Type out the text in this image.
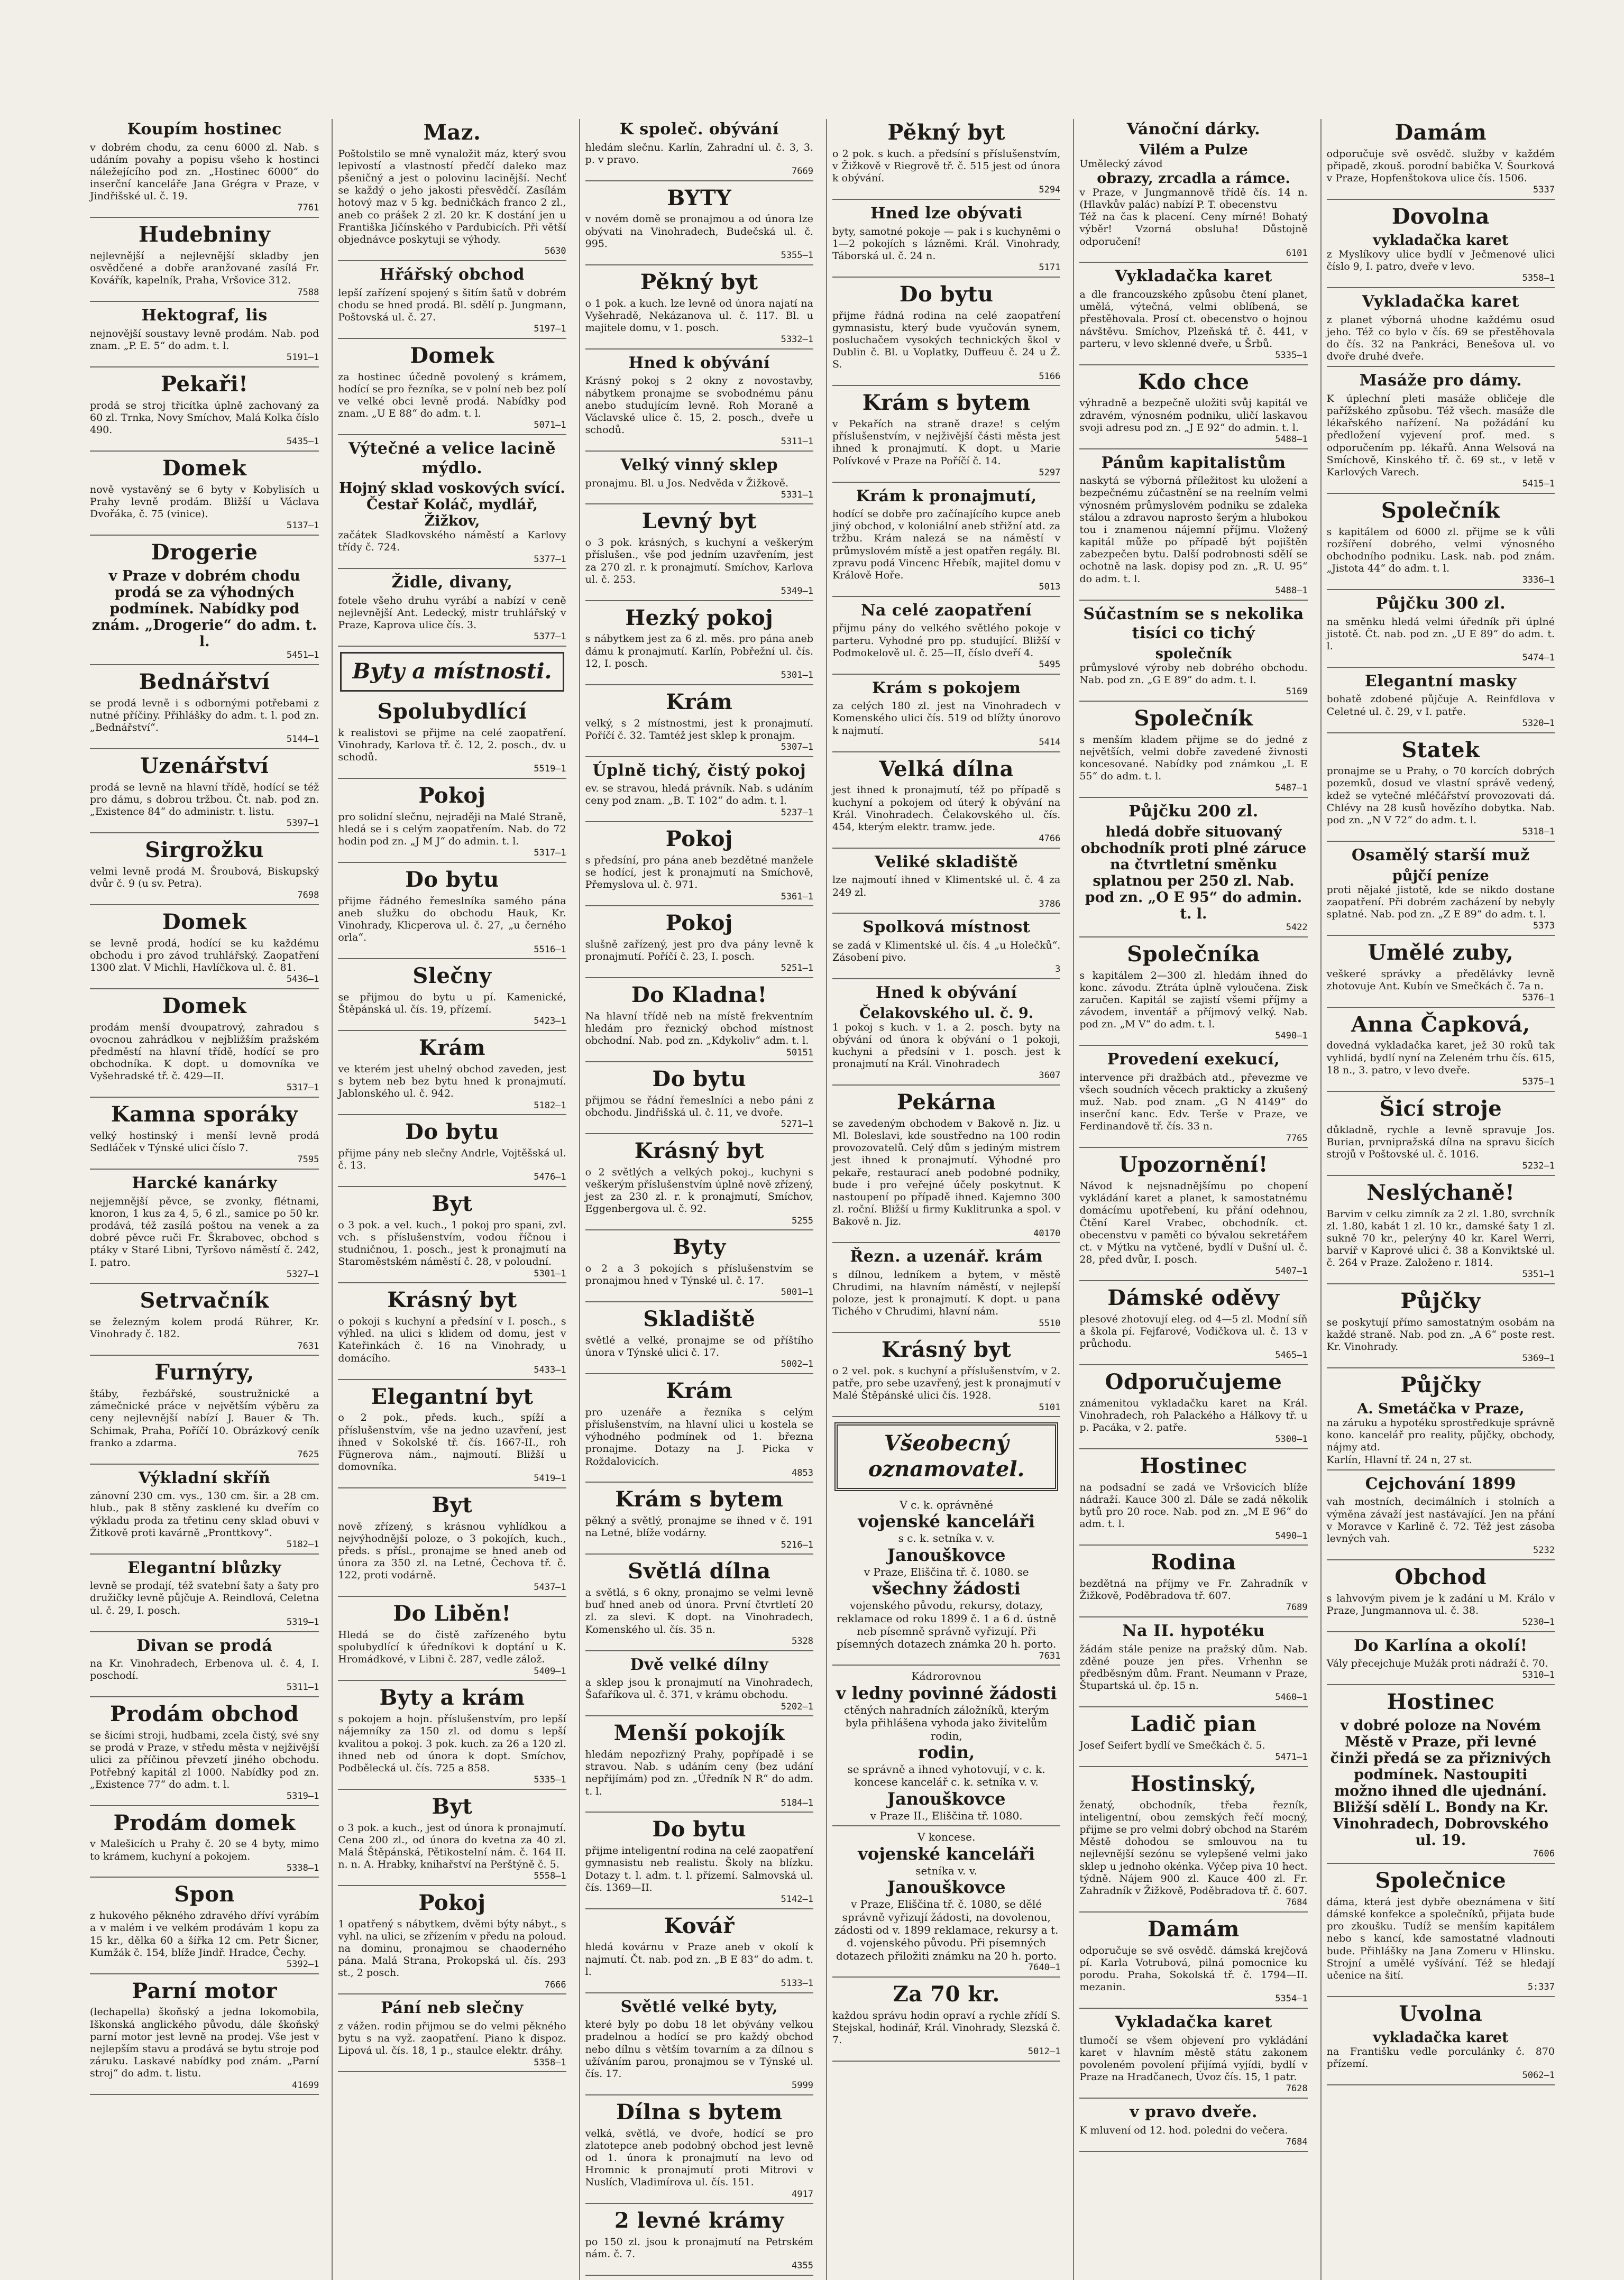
Koupím hostinec

v dobrém chodu, za cenu 6000 zl. Nab. s udáním povahy a popisu všeho k hostinci náležejícího pod zn. „Hostinec 6000“ do inserční kanceláře Jana Grégra v Praze, v Jindřišské ul. č. 19.

7761

Hudebniny

nejlevnější a nejlevnější skladby jen osvědčené a dobře aranžované zasílá Fr. Kovářík, kapelník, Praha, Vršovice 312.

7588

Hektograf, lis

nejnovější soustavy levně prodám. Nab. pod znam. „P. E. 5“ do adm. t. l.

5191—1

Pekaři!

prodá se stroj třicítka úplně zachovaný za 60 zl. Trnka, Novy Smíchov, Malá Kolka číslo 490.

5435—1

Domek

nově vystavěný se 6 byty v Kobylisích u Prahy levně prodám. Bližší u Václava Dvořáka, č. 75 (vinice).

5137—1

Drogerie

v Praze v dobrém chodu prodá se za výhodných podmínek. Nabídky pod znám. „Drogerie“ do adm. t. l.

5451—1

Bednářství

se prodá levně i s odbornými potřebami z nutné příčiny. Přihlášky do adm. t. l. pod zn. „Bednářství“.

5144—1

Uzenářství

prodá se levně na hlavní třídě, hodící se též pro dámu, s dobrou tržbou. Čt. nab. pod zn. „Existence 84“ do administr. t. listu.

5397—1

Sirgrožku

velmi levně prodá M. Šroubová, Biskupský dvůr č. 9 (u sv. Petra).

7698

Domek

se levně prodá, hodící se ku každému obchodu i pro závod truhlářský. Zaopatření 1300 zlat. V Michli, Havlíčkova ul. č. 81.

5436—1

Domek

prodám menší dvoupatrový, zahradou s ovocnou zahrádkou v nejbližším pražském předměstí na hlavní třídě, hodící se pro obchodníka. K dopt. u domovníka ve Vyšehradské tř. č. 429—II.

5317—1

Kamna sporáky

velký hostinský i menší levně prodá Sedláček v Týnské ulici číslo 7.

7595

Harcké kanárky

nejjemnější pěvce, se zvonky, flétnami, knoron, 1 kus za 4, 5, 6 zl., samice po 50 kr. prodává, též zasílá poštou na venek a za dobré pěvce ruči Fr. Škrabovec, obchod s ptáky v Staré Libni, Tyršovo náměstí č. 242, I. patro.

5327—1

Setrvačník

se železným kolem prodá Rührer, Kr. Vinohrady č. 182.

7631

Furnýry,

štáby, řezbářské, soustružnické a zámečnické práce v největším výběru za ceny nejlevnější nabízí J. Bauer & Th. Schimak, Praha, Poříčí 10. Obrázkový ceník franko a zdarma.

7625

Výkladní skříň

zánovní 230 cm. vys., 130 cm. šir. a 28 cm. hlub., pak 8 stěny zasklené ku dveřím co výkladu proda za třetinu ceny sklad obuvi v Žitkově proti kavárně „Pronttkovy“.

5182—1

Elegantní blůzky

levně se prodají, též svatební šaty a šaty pro družičky levně půjčuje A. Reindlová, Celetna ul. č. 29, I. posch.

5319—1

Divan se prodá

na Kr. Vinohradech, Erbenova ul. č. 4, I. poschodí.

5311—1

Prodám obchod

se šicími stroji, hudbami, zcela čistý, své sny se prodá v Praze, v středu města v nejživější ulici za příčinou převzetí jiného obchodu. Potřebný kapitál zl 1000. Nabídky pod zn. „Existence 77“ do adm. t. l.

5319—1

Prodám domek

v Malešicích u Prahy č. 20 se 4 byty, mimo to krámem, kuchyní a pokojem.

5338—1

Spon

z hukového pěkného zdravého dříví vyrábím a v malém i ve velkém prodávám 1 kopu za 15 kr., dělka 60 a šířka 12 cm. Petr Šicner, Kumžák č. 154, blíže Jindř. Hradce, Čechy.

5392—1

Parní motor

(lechapella) škoňský a jedna lokomobila, Iškonská anglického původu, dále škoňský parní motor jest levně na prodej. Vše jest v nejlepším stavu a prodává se bytu stroje pod záruku. Laskavé nabídky pod znám. „Parní stroj“ do adm. t. listu.

41699

Maz.

Poštolstilo se mně vynaložit máz, který svou lepivostí a vlastností předčí daleko maz pšeničný a jest o polovinu lacinější. Nechť se každý o jeho jakosti přesvědčí. Zasílám hotový maz v 5 kg. bedničkách franco 2 zl., aneb co prášek 2 zl. 20 kr. K dostání jen u Františka Jičínského v Pardubicích. Při větší objednávce poskytuji se výhody.

5630

Hřářský obchod

lepší zařízení spojený s šitím šatů v dobrém chodu se hned prodá. Bl. sdělí p. Jungmann, Poštovská ul. č. 27.

5197—1

Domek

za hostinec účedně povolený s krámem, hodící se pro řezníka, se v polní neb bez polí ve velké obci levně prodá. Nabídky pod znam. „U E 88“ do adm. t. l.

5071—1

Výtečné a velice lacině mýdlo.

Hojný sklad voskových svící. Čestař Koláč, mydlář, Žižkov,

začátek Sladkovského náměstí a Karlovy třídy č. 724.

5377—1

Židle, divany,

fotele všeho druhu vyrábí a nabízí v ceně nejlevnější Ant. Ledecký, mistr truhlářský v Praze, Kaprova ulice čís. 3.

5377—1

Byty a místnosti.
Spolubydlící

k realistovi se přijme na celé zaopatření. Vinohrady, Karlova tř. č. 12, 2. posch., dv. u schodů.

5519—1

Pokoj

pro solidní slečnu, nejraději na Malé Straně, hledá se i s celým zaopatřením. Nab. do 72 hodin pod zn. „J M J“ do admin. t. l.

5317—1

Do bytu

přijme řádného řemeslníka samého pána aneb služku do obchodu Hauk, Kr. Vinohrady, Klicperova ul. č. 27, „u černého orla“.

5516—1

Slečny

se přijmou do bytu u pí. Kamenické, Štěpánská ul. čís. 19, přízemí.

5423—1

Krám

ve kterém jest uhelný obchod zaveden, jest s bytem neb bez bytu hned k pronajmutí. Jablonského ul. č. 942.

5182—1

Do bytu

přijme pány neb slečny Andrle, Vojtěšská ul. č. 13.

5476—1

Byt

o 3 pok. a vel. kuch., 1 pokoj pro spani, zvl. vch. s příslušenstvím, vodou říčnou i studničnou, 1. posch., jest k pronajmutí na Staroměstském náměstí č. 28, v poloudní.

5301—1

Krásný byt

o pokoji s kuchyní a předsíní v I. posch., s výhled. na ulici s klidem od domu, jest v Kateřinkách č. 16 na Vinohrady, u domácího.

5433—1

Elegantní byt

o 2 pok., předs. kuch., spíží a příslušenstvím, vše na jedno uzavření, jest ihned v Sokolské tř. čís. 1667-II., roh Fügnerova nám., najmoutí. Bližší u domovníka.

5419—1

Byt

nově zřízený, s krásnou vyhlídkou a nejvýhodnější poloze, o 3 pokojích, kuch., předs. s přísl., pronajme se hned aneb od února za 350 zl. na Letné, Čechova tř. č. 122, proti vodárně.

5437—1

Do Liběn!

Hledá se do čistě zařízeného bytu spolubydlící k úředníkovi k doptání u K. Hromádkové, v Libni č. 287, vedle zálož.

5409—1

Byty a krám

s pokojem a hojn. příslušenstvím, pro lepší nájemníky za 150 zl. od domu s lepší kvalitou a pokoj. 3 pok. kuch. za 26 a 120 zl. ihned neb od února k dopt. Smíchov, Podbělecká ul. čís. 725 a 858.

5335—1

Byt

o 3 pok. a kuch., jest od února k pronajmutí. Cena 200 zl., od února do kvetna za 40 zl. Malá Štěpánská, Pětikostelní nám. č. 164 II. n. n. A. Hrabky, knihařství na Perštýně č. 5.

5558—1

Pokoj

1 opatřený s nábytkem, dvěmi býty nábyt., s vyhl. na ulici, se zřízením v předu na poloud. na dominu, pronajmou se chaoderného pána. Malá Strana, Prokopská ul. čís. 293 st., 2 posch.

7666

Pání neb slečny

z vážen. rodin přijmou se do velmi pěkného bytu s na vyž. zaopatření. Piano k dispoz. Lipová ul. čís. 18, 1 p., staulce elektr. dráhy.

5358—1

K společ. obývání

hledám slečnu. Karlín, Zahradní ul. č. 3, 3. p. v pravo.

7669

BYTY

v novém domě se pronajmou a od února lze obývati na Vinohradech, Budečská ul. č. 995.

5355—1

Pěkný byt

o 1 pok. a kuch. lze levně od února najatí na Vyšehradě, Nekázanova ul. č. 117. Bl. u majitele domu, v 1. posch.

5332—1

Hned k obývání

Krásný pokoj s 2 okny z novostavby, nábytkem pronajme se svobodnému pánu anebo studujícím levně. Roh Moraně a Václavské ulice č. 15, 2. posch., dveře u schodů.

5311—1

Velký vinný sklep

pronajmu. Bl. u Jos. Nedvěda v Žižkově.

5331—1

Levný byt

o 3 pok. krásných, s kuchyní a veškerým příslušen., vše pod jedním uzavřením, jest za 270 zl. r. k pronajmutí. Smíchov, Karlova ul. č. 253.

5349—1

Hezký pokoj

s nábytkem jest za 6 zl. měs. pro pána aneb dámu k pronajmutí. Karlín, Pobřežní ul. čís. 12, I. posch.

5301—1

Krám

velký, s 2 místnostmi, jest k pronajmutí. Poříčí č. 32. Tamtéž jest sklep k pronajm.

5307—1

Úplně tichý, čistý pokoj

ev. se stravou, hledá právník. Nab. s udáním ceny pod znam. „B. T. 102“ do adm. t. l.

5237—1

Pokoj

s předsíní, pro pána aneb bezdětné manžele se hodící, jest k pronajmutí na Smíchově, Přemyslova ul. č. 971.

5361—1

Pokoj

slušně zařízený, jest pro dva pány levně k pronajmutí. Poříčí č. 23, I. posch.

5251—1

Do Kladna!

Na hlavní třídě neb na místě frekventním hledám pro řeznický obchod místnost obchodní. Nab. pod zn. „Kdykoliv“ adm. t. l.

50151

Do bytu

přijmou se řádní řemeslníci a nebo páni z obchodu. Jindřišská ul. č. 11, ve dvoře.

5271—1

Krásný byt

o 2 světlých a velkých pokoj., kuchyni s veškerým příslušenstvím úplně nově zřízený, jest za 230 zl. r. k pronajmutí, Smíchov, Eggenbergova ul. č. 92.

5255

Byty

o 2 a 3 pokojích s příslušenstvím se pronajmou hned v Týnské ul. č. 17.

5001—1

Skladiště

světlé a velké, pronajme se od příštího února v Týnské ulici č. 17.

5002—1

Krám

pro uzenáře a řezníka s celým příslušenstvím, na hlavní ulici u kostela se výhodného podmínek od 1. března pronajme. Dotazy na J. Picka v Roždalovicích.

4853

Krám s bytem

pěkný a světlý, pronajme se ihned v č. 191 na Letné, blíže vodárny.

5216—1

Světlá dílna

a světlá, s 6 okny, pronajmo se velmi levně buď hned aneb od února. První čtvrtletí 20 zl. za slevi. K dopt. na Vinohradech, Komenského ul. čís. 35 n.

5328

Dvě velké dílny

a sklep jsou k pronajmutí na Vinohradech, Šafaříkova ul. č. 371, v krámu obchodu.

5202—1

Menší pokojík

hledám nepozřizný Prahy, popřípadě i se stravou. Nab. s udáním ceny (bez udání nepřijímám) pod zn. „Úředník N R“ do adm. t. l.

5184—1

Do bytu

přijme inteligentní rodina na celé zaopatření gymnasistu neb realistu. Školy na blízku. Dotazy t. l. adm. t. l. přízemí. Salmovská ul. čís. 1369—II.

5142—1

Kovář

hledá kovárnu v Praze aneb v okolí k najmutí. Čt. nab. pod zn. „B E 83“ do adm. t. l.

5133—1

Světlé velké byty,

které byly po dobu 18 let obývány velkou pradelnou a hodící se pro každý obchod nebo dílnu s větším tovarním a za dílnou s užíváním parou, pronajmou se v Týnské ul. čís. 17.

5999

Dílna s bytem

velká, světlá, ve dvoře, hodící se pro zlatotepce aneb podobný obchod jest levně od 1. února k pronajmutí na levo od Hromnic k pronajmutí proti Mitrovi v Nuslích, Vladimírova ul. čís. 151.

4917

2 levné krámy

po 150 zl. jsou k pronajmutí na Petrském nám. č. 7.

4355

Pěkný byt

o 2 pok. s kuch. a předsíní s příslušenstvím, v Žižkově v Riegrově tř. č. 515 jest od února k obývání.

5294

Hned lze obývati

byty, samotné pokoje — pak i s kuchyněmi o 1—2 pokojích s lázněmi. Král. Vinohrady, Táborská ul. č. 24 n.

5171

Do bytu

přijme řádná rodina na celé zaopatření gymnasistu, který bude vyučován synem, posluchačem vysokých technických škol v Dublin č. Bl. u Voplatky, Duffeuu č. 24 u Ž. S.

5166

Krám s bytem

v Pekařích na straně draze! s celým příslušenstvím, v nejživější části města jest ihned k pronajmutí. K dopt. u Marie Polívkové v Praze na Poříčí č. 14.

5297

Krám k pronajmutí,

hodící se dobře pro začínajícího kupce aneb jiný obchod, v koloniální aneb střižní atd. za tržbu. Krám nalezá se na náměstí v průmyslovém místě a jest opatřen regály. Bl. zpravu podá Vincenc Hřebík, majitel domu v Králově Hoře.

5013

Na celé zaopatření

přijmu pány do velkého světlého pokoje v parteru. Vyhodné pro pp. studující. Bližší v Podmokelově ul. č. 25—II, číslo dveří 4.

5495

Krám s pokojem

za celých 180 zl. jest na Vinohradech v Komenského ulici čís. 519 od blížty únorovo k najmutí.

5414

Velká dílna

jest ihned k pronajmutí, též po případě s kuchyní a pokojem od úterý k obývání na Král. Vinohradech. Čelakovského ul. čís. 454, kterým elektr. tramw. jede.

4766

Veliké skladiště

lze najmoutí ihned v Klimentské ul. č. 4 za 249 zl.

3786

Spolková místnost

se zadá v Klimentské ul. čís. 4 „u Holečků“. Zásobení pivo.

3

Hned k obývání

Čelakovského ul. č. 9.

1 pokoj s kuch. v 1. a 2. posch. byty na obývání od února k obývání o 1 pokoji, kuchyni a předsíni v 1. posch. jest k pronajmutí na Král. Vinohradech

3607

Pekárna

se zavedeným obchodem v Bakově n. Jiz. u Ml. Boleslavi, kde soustředno na 100 rodin provozovatelů. Celý dům s jediným mistrem jest ihned k pronajmutí. Výhodné pro pekaře, restaurací aneb podobné podniky, bude i pro veřejné účely poskytnut. K nastoupení po případě ihned. Kajemno 300 zl. roční. Bližší u firmy Kuklitrunka a spol. v Bakově n. Jiz.

40170

Řezn. a uzenář. krám

s dílnou, ledníkem a bytem, v městě Chrudimi, na hlavním náměstí, v nejlepší poloze, jest k pronajmutí. K dopt. u pana Tichého v Chrudimi, hlavní nám.

5510

Krásný byt

o 2 vel. pok. s kuchyní a příslušenstvím, v 2. patře, pro sebe uzavřený, jest k pronajmutí v Malé Štěpánské ulici čís. 1928.

5101

Všeobecný oznamovatel.
V c. k. oprávněné
vojenské kanceláři
s c. k. setníka v. v.
Janouškovce
v Praze, Eliščina tř. č. 1080. se
všechny žádosti
vojenského původu, rekursy, dotazy, reklamace od roku 1899 č. 1 a 6 d. ústně neb písemně správně vyřizují. Při písemných dotazech známka 20 h. porto.

7631

Kádrorovnou
v ledny povinné žádosti
ctěných nahradních záložníků, kterým byla přihlášena vyhoda jako živitelům rodin,
rodin,
se správně a ihned vyhotovují, v c. k. koncese kancelář c. k. setníka v. v.
Janouškovce
v Praze II., Eliščina tř. 1080.
V koncese.
vojenské kanceláři
setníka v. v.
Janouškovce
v Praze, Eliščina tř. č. 1080, se dělé správně vyřizují žádosti, na dovolenou, zádosti od v. 1899 reklamace, rekursy a t. d. vojenského původu. Při písemných dotazech přiložiti známku na 20 h. porto.

7640—1

Za 70 kr.

každou správu hodin opraví a rychle zřídí S. Stejskal, hodinář, Král. Vinohrady, Slezská č. 7.

5012—1

Vánoční dárky.

Vilém a Pulze

Umělecký závod

obrazy, zrcadla a rámce.

v Praze, v Jungmannově třídě čís. 14 n. (Hlavkův palác) nabízí P. T. obecenstvu

Též na čas k placení. Ceny mírné! Bohatý výběr! Vzorná obsluha! Důstojně odporučení!

6101

Vykladačka karet

a dle francouzského způsobu čtení planet, umělá, výtečná, velmi oblíbená, se přestěhovala. Prosí ct. obecenstvo o hojnou návštěvu. Smíchov, Plzeňská tř. č. 441, v parteru, v levo sklenné dveře, u Šrbů.

5335—1

Kdo chce

výhradně a bezpečně uložiti svůj kapitál ve zdravém, výnosném podniku, uličí laskavou svoji adresu pod zn. „J E 92“ do admin. t. l.

5488—1

Pánům kapitalistům

naskytá se výborná příležitost ku uložení a bezpečnému zúčastnění se na reelním velmi výnosném průmyslovém podniku se zdaleka stálou a zdravou naprosto šerým a hlubokou tou i znamenou nájemní příjmu. Vložený kapitál může po případě být pojištěn zabezpečen bytu. Další podrobnosti sdělí se ochotně na lask. dopisy pod zn. „R. U. 95“ do adm. t. l.

5488—1

Súčastním se s nekolika tisíci co tichý

společník

průmyslové výroby neb dobrého obchodu. Nab. pod zn. „G E 89“ do adm. t. l.

5169

Společník

s menším kladem přijme se do jedné z největších, velmi dobře zavedené živnosti koncesované. Nabídky pod známkou „L E 55“ do adm. t. l.

5487—1

Půjčku 200 zl.

hledá dobře situovaný obchodník proti plné záruce na čtvrtletní směnku splatnou per 250 zl. Nab. pod zn. „O E 95“ do admin. t. l.

5422

Společníka

s kapitálem 2—300 zl. hledám ihned do konc. závodu. Ztráta úplně vyloučena. Zisk zaručen. Kapitál se zajistí všemi příjmy a závodem, inventář a příjmový velký. Nab. pod zn. „M V“ do adm. t. l.

5490—1

Provedení exekucí,

intervence při dražbách atd., převezme ve všech soudních věcech prakticky a zkušený muž. Nab. pod znam. „G N 4149“ do inserční kanc. Edv. Terše v Praze, ve Ferdinandově tř. čís. 33 n.

7765

Upozornění!

Návod k nejsnadnějšímu po chopení vykládání karet a planet, k samostatnému domácímu upotřebení, ku přání odehnou, Čtění Karel Vrabec, obchodník. ct. obecenstvu v paměti co bývalou sekretářem ct. v Mýtku na vytčené, bydlí v Dušní ul. č. 28, před dvůr, I. posch.

5407—1

Dámské oděvy

plesové zhotovují eleg. od 4—5 zl. Modní síň a škola pí. Fejfarové, Vodičkova ul. č. 13 v průchodu.

5465—1

Odporučujeme

známenitou vykladačku karet na Král. Vinohradech, roh Palackého a Hálkovy tř. u p. Pacáka, v 2. patře.

5300—1

Hostinec

na podsadní se zadá ve Vršovicích blíže nádraží. Kauce 300 zl. Dále se zadá několik bytů pro 20 roce. Nab. pod zn. „M E 96“ do adm. t. l.

5490—1

Rodina

bezdětná na příjmy ve Fr. Zahradník v Žižkově, Poděbradova tř. 607.

7689

Na II. hypotéku

žádám stále penize na pražský dům. Nab. zděné pouze jen přes. Vrhenhn se předběsným dům. Frant. Neumann v Praze, Štupartská ul. čp. 15 n.

5460—1

Ladič pian

Josef Seifert bydlí ve Smečkách č. 5.

5471—1

Hostinský,

ženatý, obchodník, třeba řezník, inteligentní, obou zemských řečí mocný, přijme se pro velmi dobrý obchod na Starém Městě dohodou se smlouvou na tu nejlevnější sezónu se vylepšené velmi jako sklep u jednoho okénka. Výčep piva 10 hect. týdně. Nájem 900 zl. Kauce 400 zl. Fr. Zahradník v Žižkově, Poděbradova tř. č. 607.

7684

Damám

odporučuje se svě osvědč. dámská krejčová pí. Karla Votrubová, pilná pomocnice ku porodu. Praha, Sokolská tř. č. 1794—II. mezanin.

5354—1

Vykladačka karet

tlumočí se všem objevení pro vykládání karet v hlavním městě státu zakonem povoleném povolení přijímá vyjídi, bydlí v Praze na Hradčanech, Úvoz čís. 15, 1 patr.

7628

v pravo dveře.

K mluvení od 12. hod. poledni do večera.

7684

Damám

odporučuje svě osvědč. služby v každém připadě, zkouš. porodní babička V. Šourková v Praze, Hopfenštokova ulice čís. 1506.

5337

Dovolna

vykladačka karet

z Myslíkovy ulice bydlí v Ječmenové ulici číslo 9, I. patro, dveře v levo.

5358—1

Vykladačka karet

z planet výborná uhodne každému osud jeho. Též co bylo v čís. 69 se přestěhovala do čís. 32 na Pankráci, Benešova ul. vo dvoře druhé dveře.

Masáže pro dámy.

K úplechní pleti masáže obličeje dle pařížského způsobu. Též všech. masáže dle lékařského nařízení. Na požádání ku předložení vyjevení prof. med. s odporučením pp. lékařů. Anna Welsová na Smíchově, Kinského tř. č. 69 st., v letě v Karlových Varech.

5415—1

Společník

s kapitálem od 6000 zl. přijme se k vůli rozšíření dobrého, velmi výnosného obchodního podniku. Lask. nab. pod znám. „Jistota 44“ do adm. t. l.

3336—1

Půjčku 300 zl.

na směnku hledá velmi úředník při úplné jistotě. Čt. nab. pod zn. „U E 89“ do adm. t. l.

5474—1

Elegantní masky

bohatě zdobené půjčuje A. Reinfdlova v Celetné ul. č. 29, v I. patře.

5320—1

Statek

pronajme se u Prahy, o 70 korcích dobrých pozemků, dosud ve vlastní správě vedený, kdež se vytečné mléčářství provozovati dá. Chlévy na 28 kusů hovězího dobytka. Nab. pod zn. „N V 72“ do adm. t. l.

5318—1

Osamělý starší muž

půjčí peníze

proti nějaké jistotě, kde se nikdo dostane zaopatření. Při dobrém zacházení by nebyly splatné. Nab. pod zn. „Z E 89“ do adm. t. l.

5373

Umělé zuby,

veškeré správky a předělávky levně zhotovuje Ant. Kubín ve Smečkách č. 7a n.

5376—1

Anna Čapková,

dovedná vykladačka karet, jež 30 roků tak vyhlidá, bydlí nyní na Zeleném trhu čís. 615, 18 n., 3. patro, v levo dveře.

5375—1

Šicí stroje

důkladně, rychle a levně spravuje Jos. Burian, prvnipražská dílna na spravu šicích strojů v Poštovské ul. č. 1016.

5232—1

Neslýchaně!

Barvim v celku zimník za 2 zl. 1.80, svrchník zl. 1.80, kabát 1 zl. 10 kr., damské šaty 1 zl. sukně 70 kr., pelerýny 40 kr. Karel Werri, barvíř v Kaprové ulici č. 38 a Konviktské ul. č. 264 v Praze. Založeno r. 1814.

5351—1

Půjčky

se poskytují přímo samostatným osobám na každé straně. Nab. pod zn. „A 6“ poste rest. Kr. Vinohrady.

5369—1

Půjčky

A. Smetáčka v Praze,

na záruku a hypotéku sprostředkuje správně kono. kancelář pro reality, půjčky, obchody, nájmy atd.

Karlín, Hlavní tř. 24 n, 27 st.

Cejchování 1899

vah mostních, decimálních i stolních a výměna závaží jest nastávající. Jen na přání v Moravce v Karlině č. 72. Též jest zásoba levných vah.

5232

Obchod

s lahvovým pivem je k zadání u M. Králo v Praze, Jungmannova ul. č. 38.

5230—1

Do Karlína a okolí!

Vály přecejchuje Mužák proti nádraží č. 70.

5310—1

Hostinec

v dobré poloze na Novém Městě v Praze, při levné činži předá se za přiznivých podmínek. Nastoupiti možno ihned dle ujednání. Bližší sdělí L. Bondy na Kr. Vinohradech, Dobrovského ul. 19.

7606

Společnice

dáma, která jest dybře obeznámena v šití dámské konfekce a společníků, přijata bude pro zkoušku. Tudíž se menším kapitálem nebo s kancí, kde samostatné vladnouti bude. Přihlášky na Jana Zomeru v Hlinsku. Strojní a umělé vyšívání. Též se hledají učenice na šití.

5:337

Uvolna

vykladačka karet

na Františku vedle porculánky č. 870 přízemí.

5062—1
